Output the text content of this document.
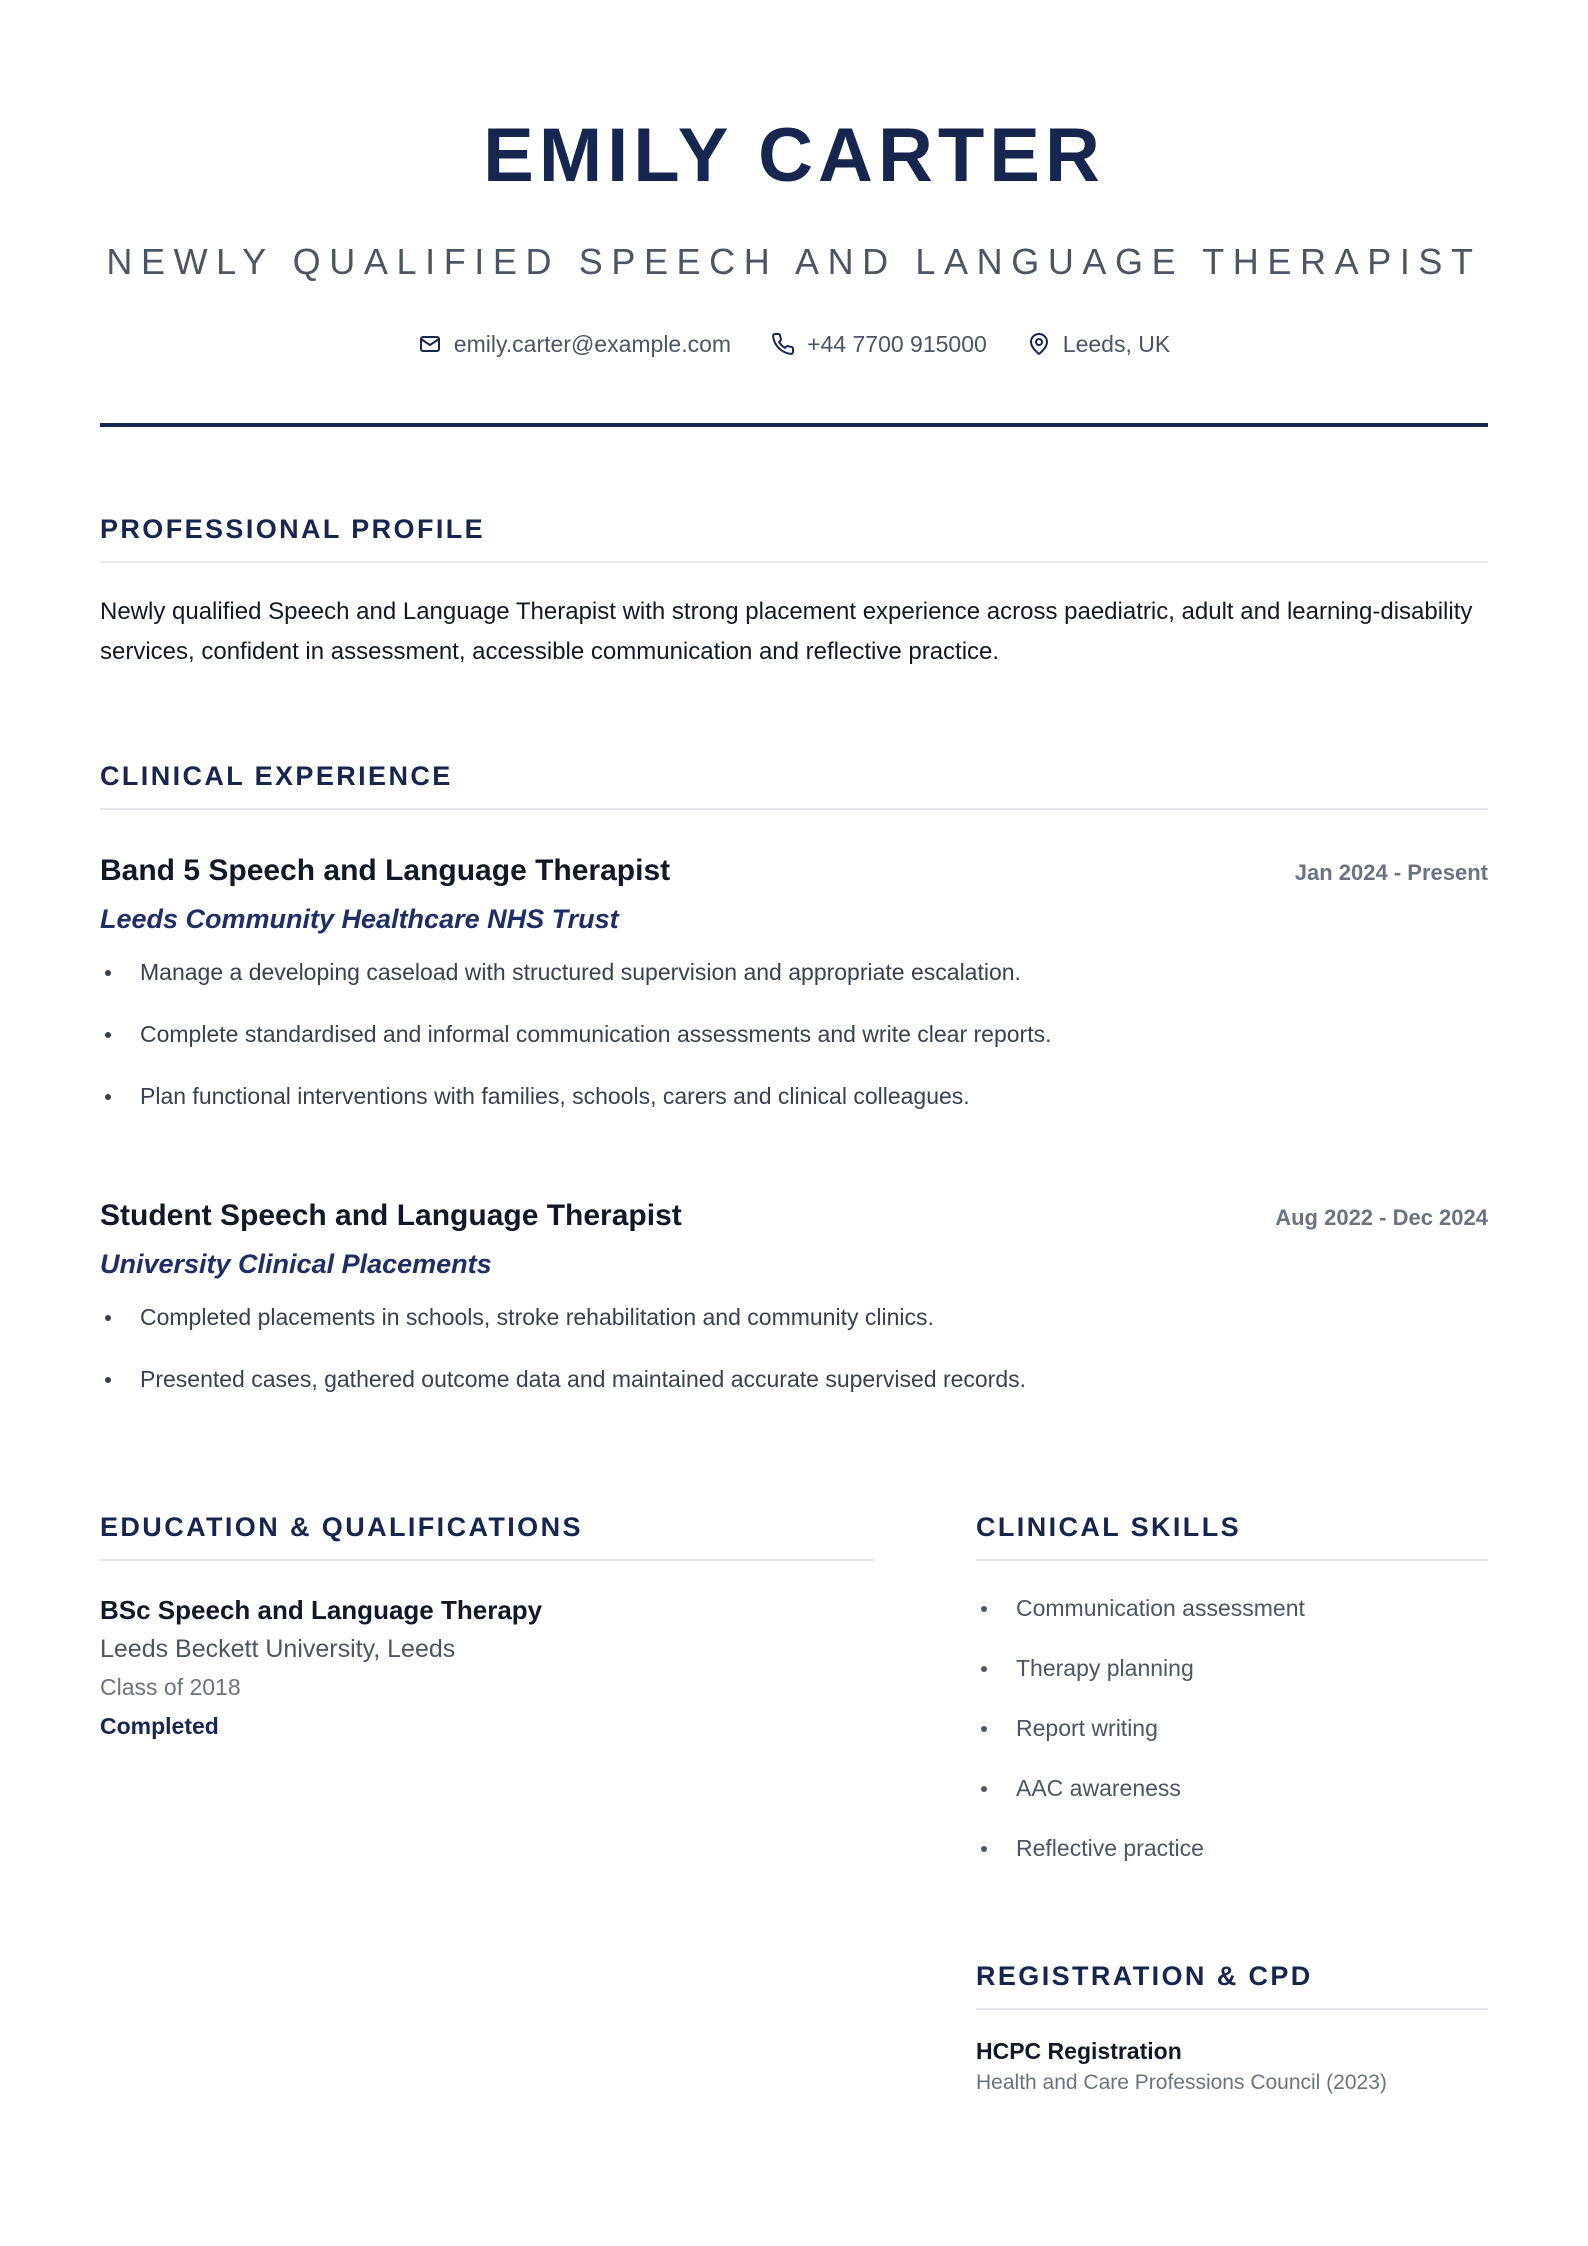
EMILY CARTER
NEWLY QUALIFIED SPEECH AND LANGUAGE THERAPIST
emily.carter@example.com	+44 7700 915000	Leeds, UK
PROFESSIONAL PROFILE
Newly qualified Speech and Language Therapist with strong placement experience across paediatric, adult and learning-disability services, confident in assessment, accessible communication and reflective practice.
CLINICAL EXPERIENCE
Band 5 Speech and Language Therapist	Jan 2024 - Present
Leeds Community Healthcare NHS Trust
Manage a developing caseload with structured supervision and appropriate escalation.
Complete standardised and informal communication assessments and write clear reports.
Plan functional interventions with families, schools, carers and clinical colleagues.
Student Speech and Language Therapist	Aug 2022 - Dec 2024
University Clinical Placements
Completed placements in schools, stroke rehabilitation and community clinics.
Presented cases, gathered outcome data and maintained accurate supervised records.
EDUCATION & QUALIFICATIONS
BSc Speech and Language Therapy
Leeds Beckett University, Leeds
Class of 2018
Completed
CLINICAL SKILLS
Communication assessment
Therapy planning
Report writing
AAC awareness
Reflective practice
REGISTRATION & CPD
HCPC Registration
Health and Care Professions Council (2023)
